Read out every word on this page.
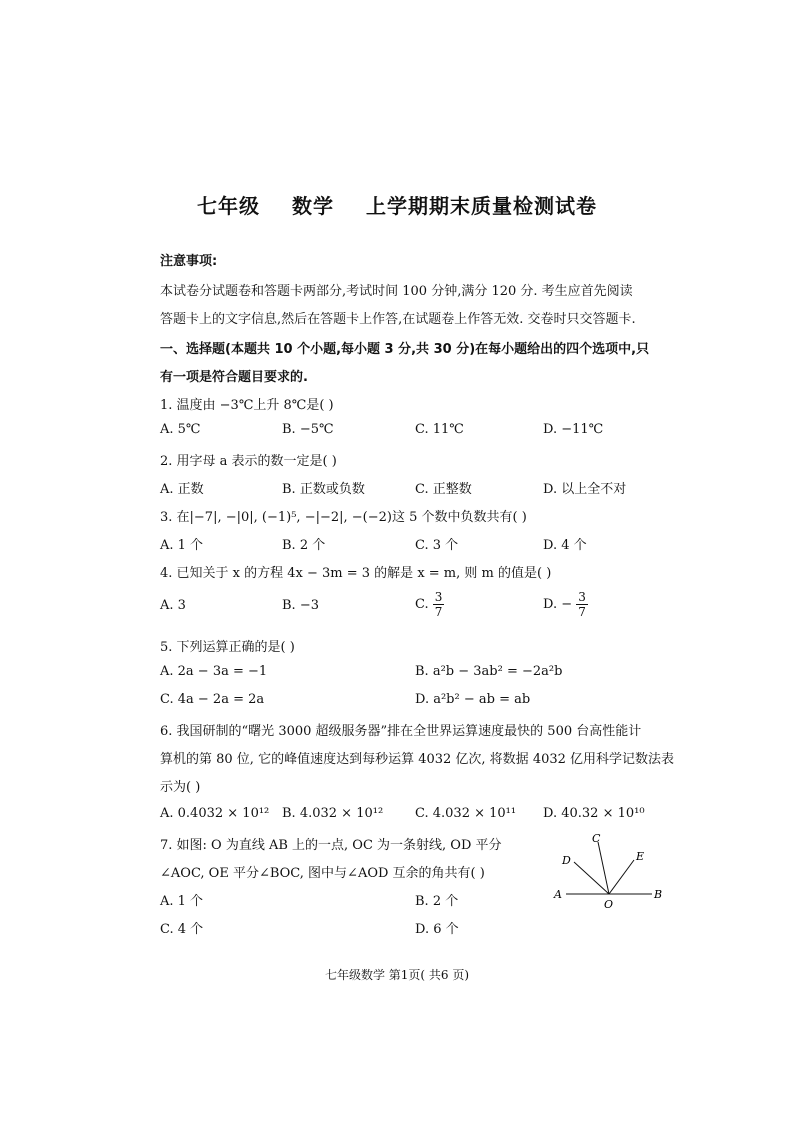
七年级 数学 上学期期末质量检测试卷
注意事项:
本试卷分试题卷和答题卡两部分,考试时间 100 分钟,满分 120 分. 考生应首先阅读
答题卡上的文字信息,然后在答题卡上作答,在试题卷上作答无效. 交卷时只交答题卡.
一、选择题(本题共 10 个小题,每小题 3 分,共 30 分)在每小题给出的四个选项中,只
有一项是符合题目要求的.
1. 温度由 −3℃上升 8℃是( )
A. 5℃	B. −5℃	C. 11℃	D. −11℃
2. 用字母 a 表示的数一定是( )
A. 正数	B. 正数或负数	C. 正整数	D. 以上全不对
3. 在|−7|, −|0|, (−1)⁵, −|−2|, −(−2)这 5 个数中负数共有( )
A. 1 个	B. 2 个	C. 3 个	D. 4 个
4. 已知关于 x 的方程 4x − 3m = 3 的解是 x = m, 则 m 的值是( )
A. 3	B. −3	C. $\frac{3}{7}$	D. − $\frac{3}{7}$
5. 下列运算正确的是( )
A. 2a − 3a = −1	B. a²b − 3ab² = −2a²b
C. 4a − 2a = 2a	D. a²b² − ab = ab
6. 我国研制的“曙光 3000 超级服务器”排在全世界运算速度最快的 500 台高性能计
算机的第 80 位, 它的峰值速度达到每秒运算 4032 亿次, 将数据 4032 亿用科学记数法表
示为( )
A. 0.4032 × 10¹² B. 4.032 × 10¹² C. 4.032 × 10¹¹ D. 40.32 × 10¹⁰
7. 如图: O 为直线 AB 上的一点, OC 为一条射线, OD 平分
∠AOC, OE 平分∠BOC, 图中与∠AOD 互余的角共有( )
A. 1 个	B. 2 个
C. 4 个	D. 6 个
A	B
C
D	E
O
七年级数学 第1页( 共6 页)
